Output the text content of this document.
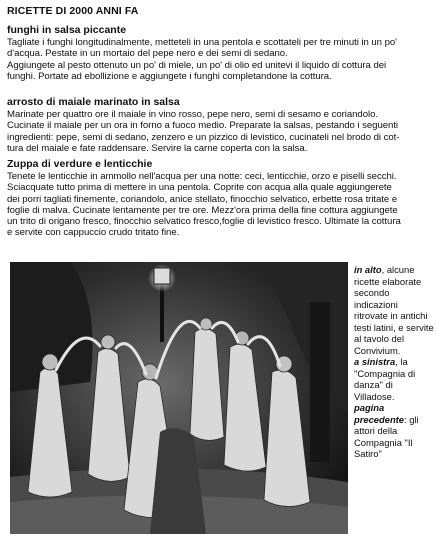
RICETTE DI 2000 ANNI FA
funghi in salsa piccante

Tagliate i funghi longitudinalmente, metteteli in una pentola e scottateli per tre minuti in un po'
d'acqua. Pestate in un mortaio del pepe nero e dei semi di sedano.
Aggiungete al pesto ottenuto un po' di miele, un po' di olio ed unitevi il liquido di cottura dei
funghi. Portate ad ebollizione e aggiungete i funghi completandone la cottura.

arrosto di maiale marinato in salsa

Marinate per quattro ore il maiale in vino rosso, pepe nero, semi di sesamo e coriandolo.
Cucinate il maiale per un ora in forno a fuoco medio. Preparate la salsas, pestando i seguenti
ingredienti: pepe, semi di sedano, zenzero e un pizzico di levistico, cucinateli nel brodo di cot-
tura del maiale e fate raddensare. Servire la carne coperta con la salsa.

Zuppa di verdure e lenticchie

Tenete le lenticchie in ammollo nell'acqua per una notte: ceci, lenticchie, orzo e piselli secchi.
Sciacquate tutto prima di mettere in una pentola. Coprite con acqua alla quale aggiungerete
dei porri tagliati finemente, coriandolo, anice stellato, finocchio selvatico, erbette rosa tritate e
foglie di malva. Cucinate lentamente per tre ore. Mezz'ora prima della fine cottura aggiungete
un trito di origano fresco, finocchio selvatico fresco,foglie di levistico fresco. Ultimate la cottura
e servite con cappuccio crudo tritato fine.

in alto, alcune ricette elaborate secondo indicazioni ritrovate in antichi testi latini, e servite al tavolo del Convivium.
a sinistra, la "Compagnia di danza" di Villadose.
pagina precedente: gli attori della Compagnia "Il Satiro"
